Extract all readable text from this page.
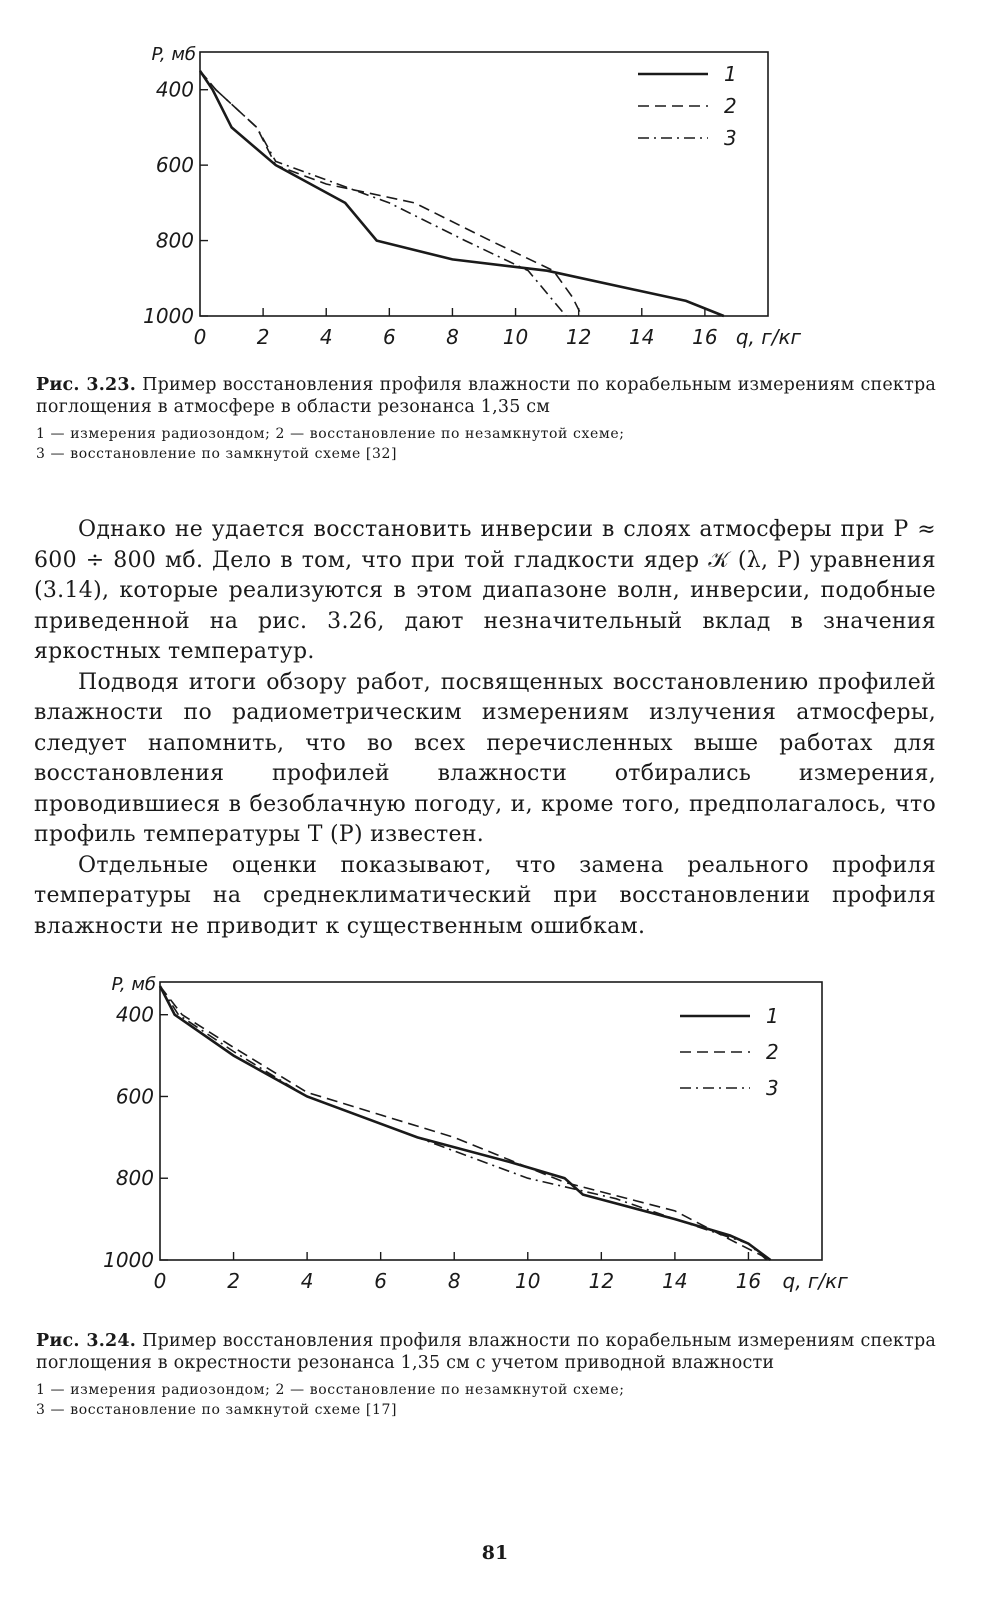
0	2	4	6	8 10 12 14 16 q, г/кг
400
600
800
1000
P, мб
1
2
3
Рис. 3.23. Пример восстановления профиля влажности по корабельным измерениям спектра поглощения в атмосфере в области резонанса 1,35 см
1 — измерения радиозондом; 2 — восстановление по незамкнутой схеме;
3 — восстановление по замкнутой схеме [32]

Однако не удается восстановить инверсии в слоях атмосферы при P ≈ 600 ÷ 800 мб. Дело в том, что при той гладкости ядер 𝒦 (λ, P) уравнения (3.14), которые реализуются в этом диапазоне волн, инверсии, подобные приведенной на рис. 3.26, дают незначительный вклад в значения яркостных температур.

Подводя итоги обзору работ, посвященных восстановлению профилей влажности по радиометрическим измерениям излучения атмосферы, следует напомнить, что во всех перечисленных выше работах для восстановления профилей влажности отбирались измерения, проводившиеся в безоблачную погоду, и, кроме того, предполагалось, что профиль температуры T (P) известен.

Отдельные оценки показывают, что замена реального профиля температуры на среднеклиматический при восстановлении профиля влажности не приводит к существенным ошибкам.

0	2	4	6	8	10 12 14 16 q, г/кг
400
600
800
1000
P, мб
1
2
3
Рис. 3.24. Пример восстановления профиля влажности по корабельным измерениям спектра поглощения в окрестности резонанса 1,35 см с учетом приводной влажности
1 — измерения радиозондом; 2 — восстановление по незамкнутой схеме;
3 — восстановление по замкнутой схеме [17]
81
